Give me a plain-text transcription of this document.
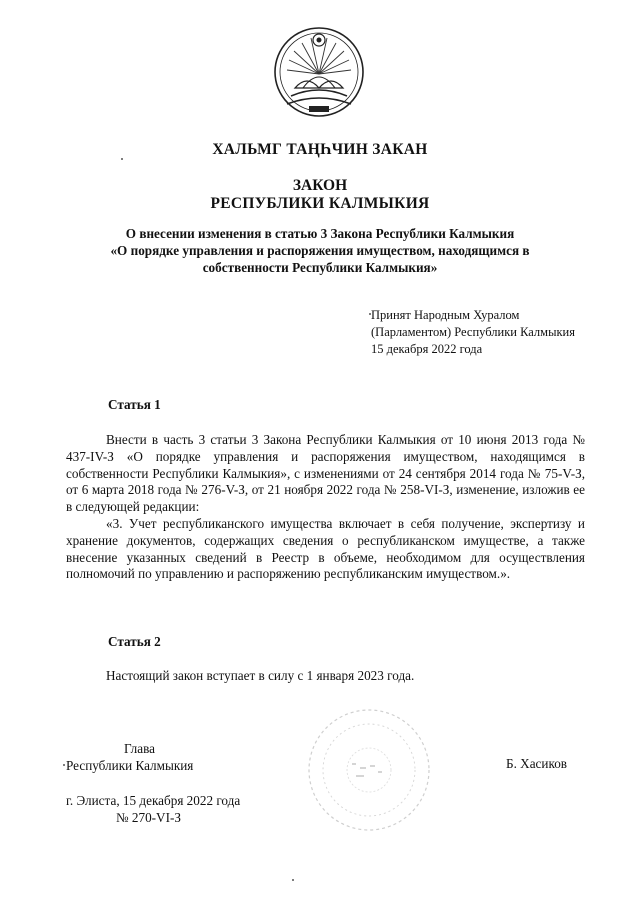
ХАЛЬМГ ТАҢҺЧИН ЗАКАН
ЗАКОН
РЕСПУБЛИКИ КАЛМЫКИЯ
О внесении изменения в статью 3 Закона Республики Калмыкия
«О порядке управления и распоряжения имуществом, находящимся в
собственности Республики Калмыкия»
Принят Народным Хуралом
(Парламентом) Республики Калмыкия
15 декабря 2022 года
Статья 1

Внести в часть 3 статьи 3 Закона Республики Калмыкия от 10 июня 2013 года № 437-IV-З «О порядке управления и распоряжения имуществом, находящимся в собственности Республики Калмыкия», с изменениями от 24 сентября 2014 года № 75-V-З, от 6 марта 2018 года № 276-V-З, от 21 ноября 2022 года № 258-VI-З, изменение, изложив ее в следующей редакции:

«3. Учет республиканского имущества включает в себя получение, экспертизу и хранение документов, содержащих сведения о республиканском имуществе, а также внесение указанных сведений в Реестр в объеме, необходимом для осуществления полномочий по управлению и распоряжению республиканским имуществом.».

Статья 2

Настоящий закон вступает в силу с 1 января 2023 года.

Глава
Республики Калмыкия	Б. Хасиков
г. Элиста, 15 декабря 2022 года
№ 270-VI-З
